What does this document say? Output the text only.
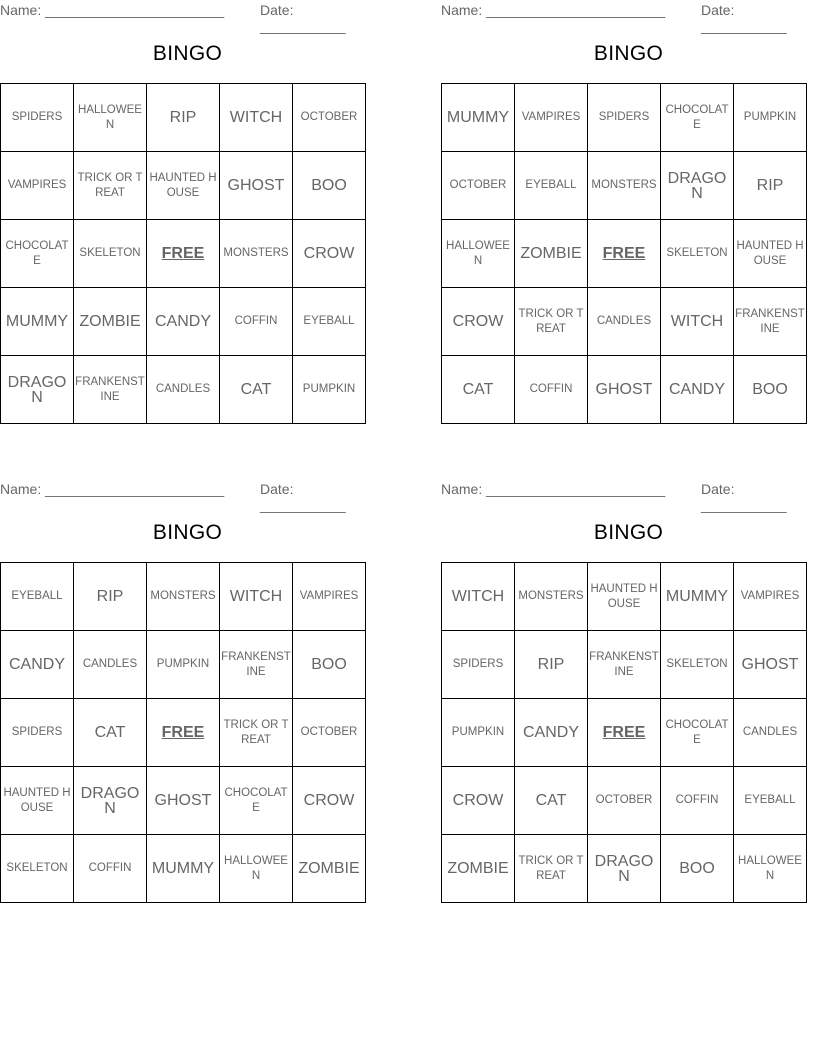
Name: _______________________	Date: ___________
BINGO
SPIDERS	HALLOWEEN	RIP	WITCH	OCTOBER
VAMPIRES	TRICK OR TREAT	HAUNTED HOUSE	GHOST	BOO
CHOCOLATE	SKELETON	FREE	MONSTERS	CROW
MUMMY	ZOMBIE	CANDY	COFFIN	EYEBALL
DRAGON	FRANKENSTINE	CANDLES	CAT	PUMPKIN
Name: _______________________	Date: ___________
BINGO
MUMMY	VAMPIRES	SPIDERS	CHOCOLATE	PUMPKIN
OCTOBER	EYEBALL	MONSTERS	DRAGON	RIP
HALLOWEEN	ZOMBIE	FREE	SKELETON	HAUNTED HOUSE
CROW	TRICK OR TREAT	CANDLES	WITCH	FRANKENSTINE
CAT	COFFIN	GHOST	CANDY	BOO
Name: _______________________	Date: ___________
BINGO
EYEBALL	RIP	MONSTERS	WITCH	VAMPIRES
CANDY	CANDLES	PUMPKIN	FRANKENSTINE	BOO
SPIDERS	CAT	FREE	TRICK OR TREAT	OCTOBER
HAUNTED HOUSE	DRAGON	GHOST	CHOCOLATE	CROW
SKELETON	COFFIN	MUMMY	HALLOWEEN	ZOMBIE
Name: _______________________	Date: ___________
BINGO
WITCH	MONSTERS	HAUNTED HOUSE	MUMMY	VAMPIRES
SPIDERS	RIP	FRANKENSTINE	SKELETON	GHOST
PUMPKIN	CANDY	FREE	CHOCOLATE	CANDLES
CROW	CAT	OCTOBER	COFFIN	EYEBALL
ZOMBIE	TRICK OR TREAT	DRAGON	BOO	HALLOWEEN
